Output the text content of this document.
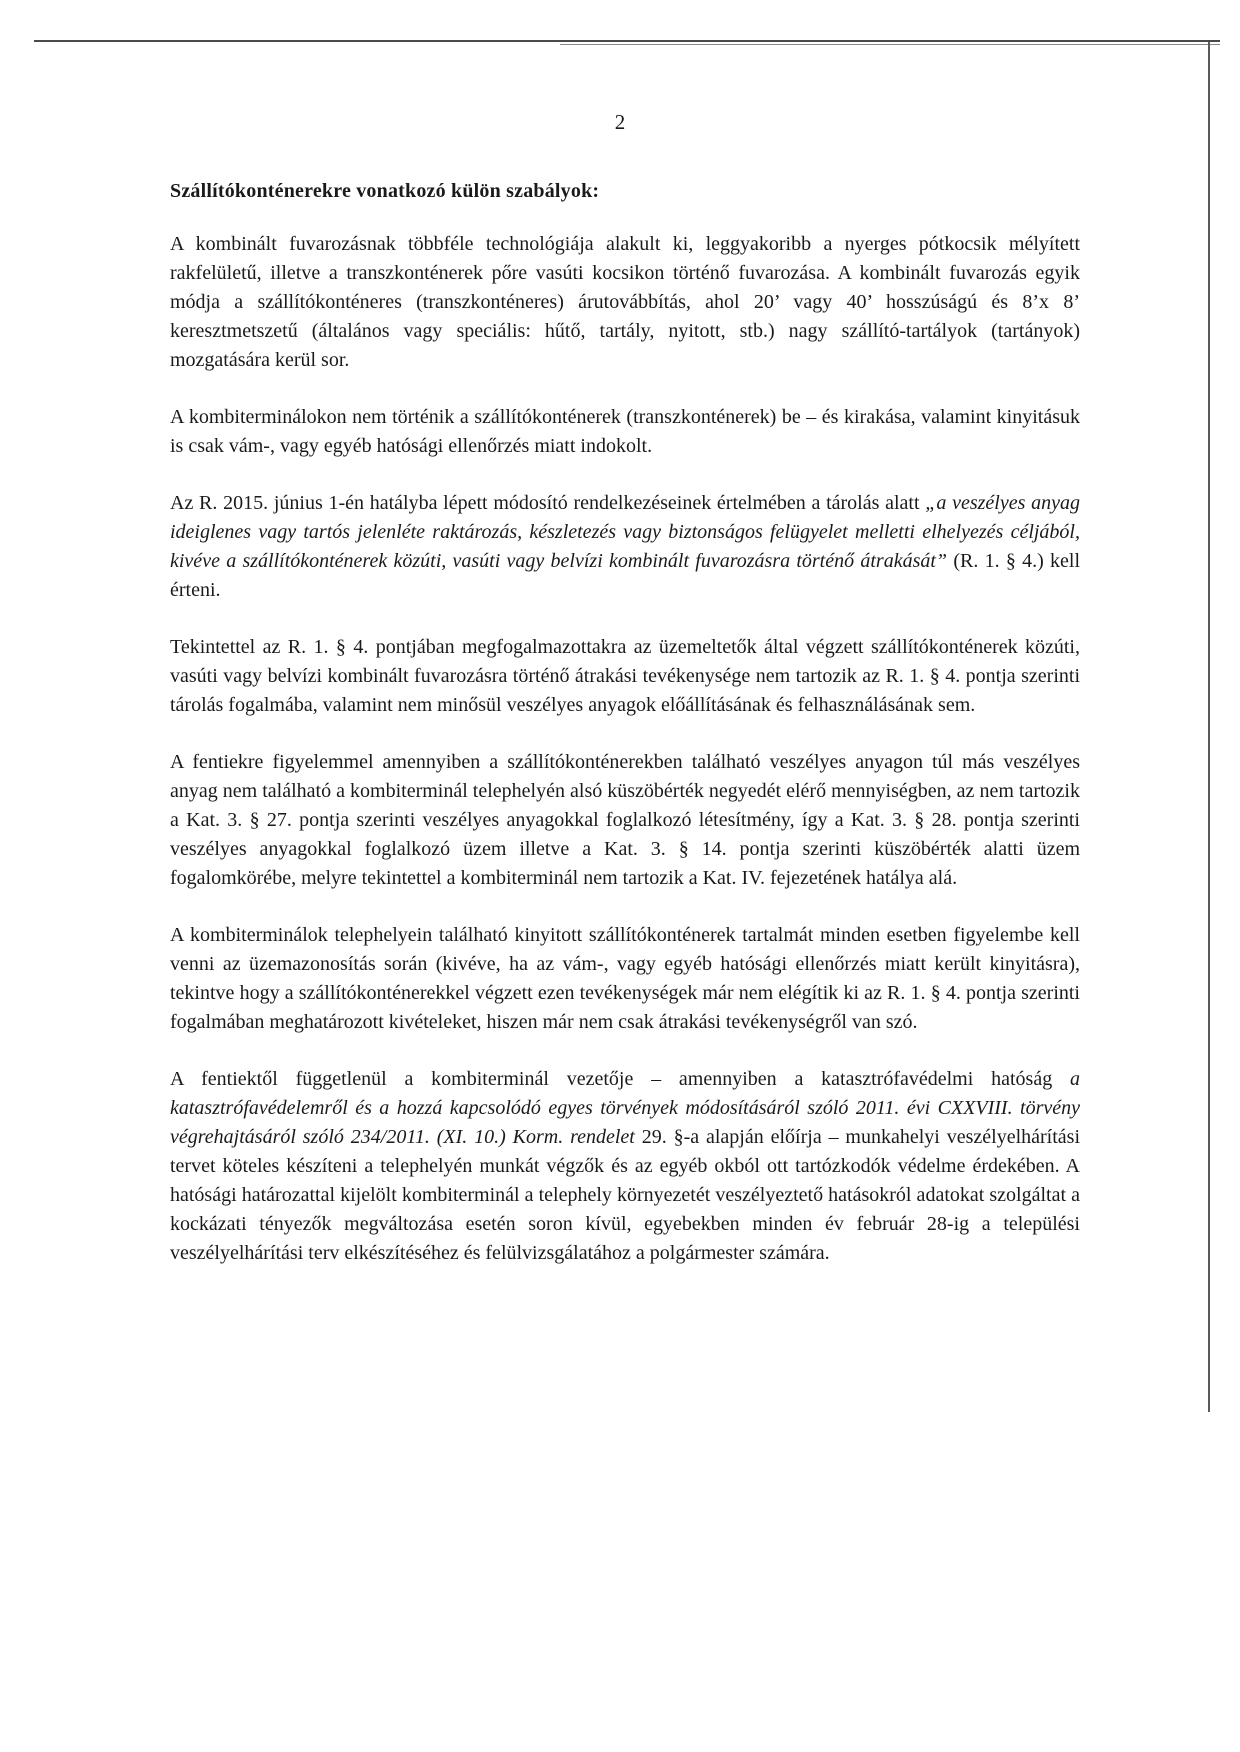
2

Szállítókonténerekre vonatkozó külön szabályok:

A kombinált fuvarozásnak többféle technológiája alakult ki, leggyakoribb a nyerges pótkocsik mélyített rakfelületű, illetve a transzkonténerek pőre vasúti kocsikon történő fuvarozása. A kombinált fuvarozás egyik módja a szállítókonténeres (transzkonténeres) árutovábbítás, ahol 20’ vagy 40’ hosszúságú és 8’x 8’ keresztmetszetű (általános vagy speciális: hűtő, tartály, nyitott, stb.) nagy szállító-tartályok (tartányok) mozgatására kerül sor.

A kombiterminálokon nem történik a szállítókonténerek (transzkonténerek) be – és kirakása, valamint kinyitásuk is csak vám-, vagy egyéb hatósági ellenőrzés miatt indokolt.

Az R. 2015. június 1-én hatályba lépett módosító rendelkezéseinek értelmében a tárolás alatt „a veszélyes anyag ideiglenes vagy tartós jelenléte raktározás, készletezés vagy biztonságos felügyelet melletti elhelyezés céljából, kivéve a szállítókonténerek közúti, vasúti vagy belvízi kombinált fuvarozásra történő átrakását” (R. 1. § 4.) kell érteni.

Tekintettel az R. 1. § 4. pontjában megfogalmazottakra az üzemeltetők által végzett szállítókonténerek közúti, vasúti vagy belvízi kombinált fuvarozásra történő átrakási tevékenysége nem tartozik az R. 1. § 4. pontja szerinti tárolás fogalmába, valamint nem minősül veszélyes anyagok előállításának és felhasználásának sem.

A fentiekre figyelemmel amennyiben a szállítókonténerekben található veszélyes anyagon túl más veszélyes anyag nem található a kombiterminál telephelyén alsó küszöbérték negyedét elérő mennyiségben, az nem tartozik a Kat. 3. § 27. pontja szerinti veszélyes anyagokkal foglalkozó létesítmény, így a Kat. 3. § 28. pontja szerinti veszélyes anyagokkal foglalkozó üzem illetve a Kat. 3. § 14. pontja szerinti küszöbérték alatti üzem fogalomkörébe, melyre tekintettel a kombiterminál nem tartozik a Kat. IV. fejezetének hatálya alá.

A kombiterminálok telephelyein található kinyitott szállítókonténerek tartalmát minden esetben figyelembe kell venni az üzemazonosítás során (kivéve, ha az vám-, vagy egyéb hatósági ellenőrzés miatt került kinyitásra), tekintve hogy a szállítókonténerekkel végzett ezen tevékenységek már nem elégítik ki az R. 1. § 4. pontja szerinti fogalmában meghatározott kivételeket, hiszen már nem csak átrakási tevékenységről van szó.

A fentiektől függetlenül a kombiterminál vezetője – amennyiben a katasztrófavédelmi hatóság a katasztrófavédelemről és a hozzá kapcsolódó egyes törvények módosításáról szóló 2011. évi CXXVIII. törvény végrehajtásáról szóló 234/2011. (XI. 10.) Korm. rendelet 29. §-a alapján előírja – munkahelyi veszélyelhárítási tervet köteles készíteni a telephelyén munkát végzők és az egyéb okból ott tartózkodók védelme érdekében. A hatósági határozattal kijelölt kombiterminál a telephely környezetét veszélyeztető hatásokról adatokat szolgáltat a kockázati tényezők megváltozása esetén soron kívül, egyebekben minden év február 28-ig a települési veszélyelhárítási terv elkészítéséhez és felülvizsgálatához a polgármester számára.
